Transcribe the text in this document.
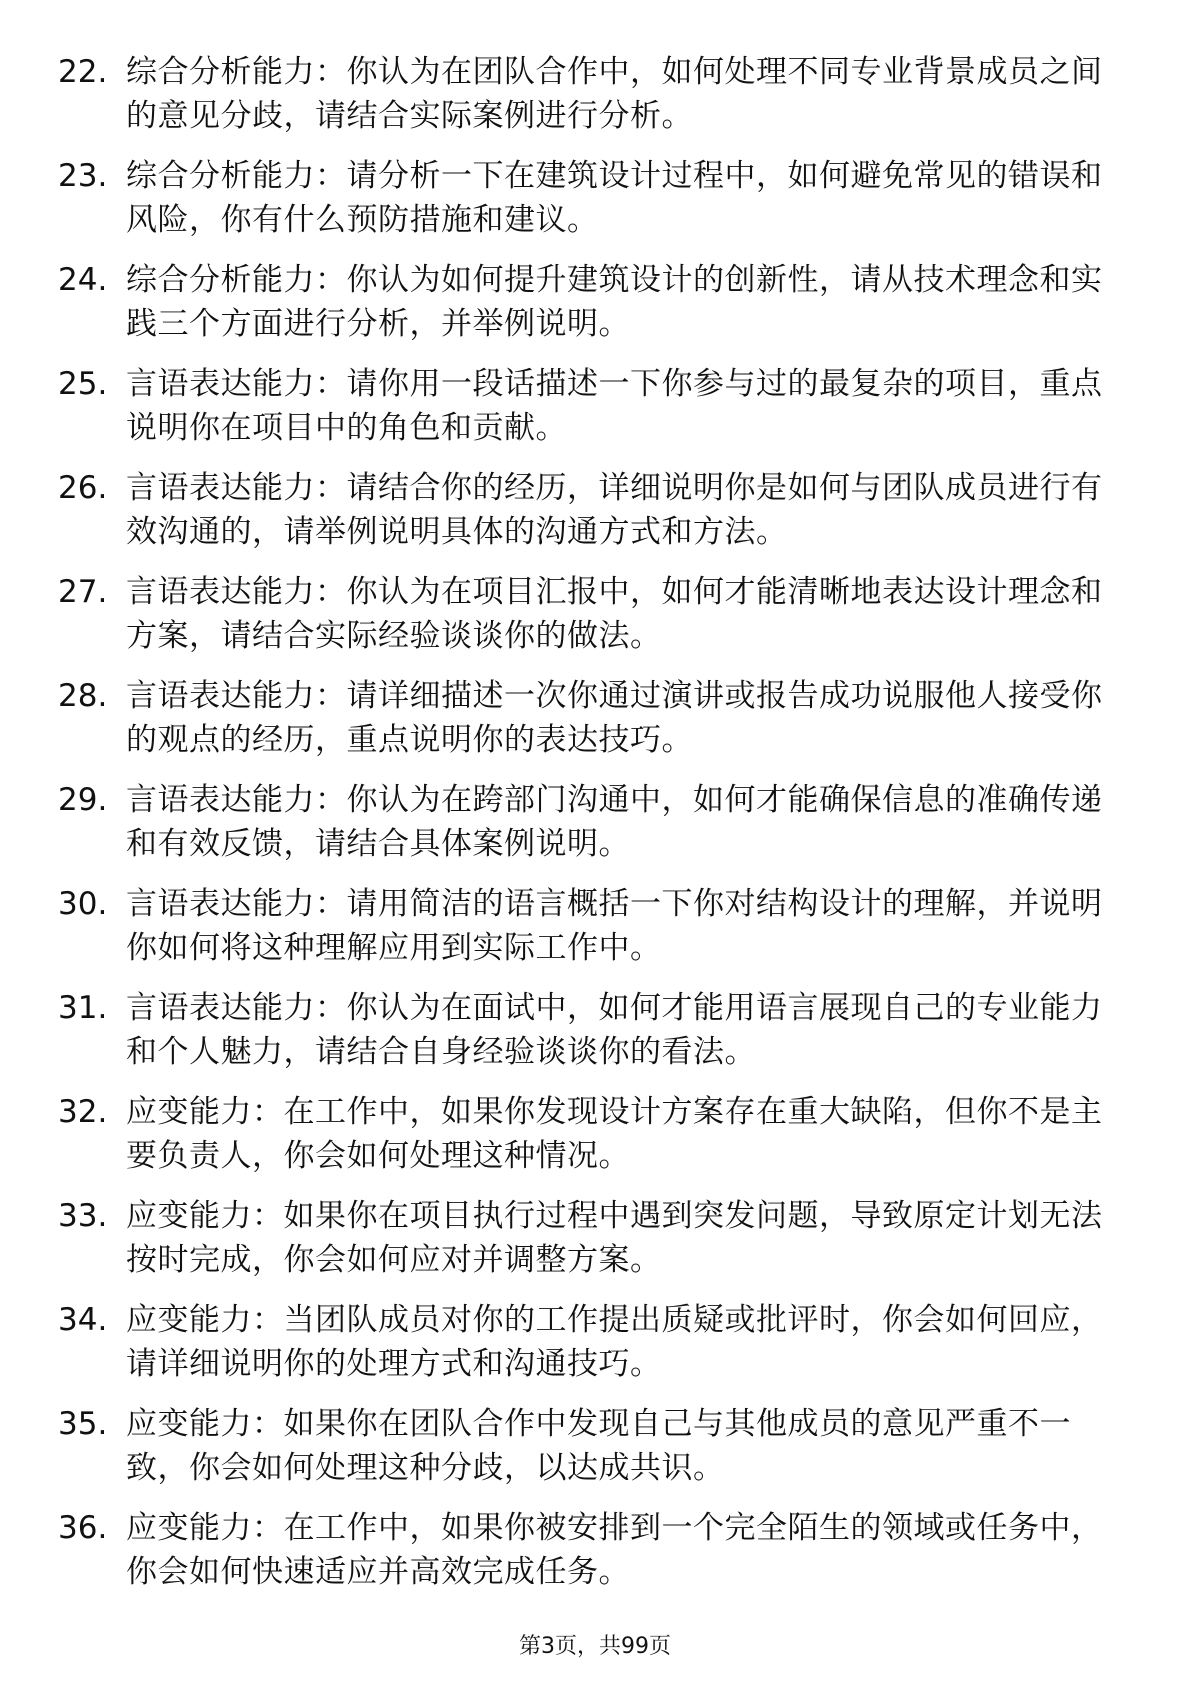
22. 综合分析能力：你认为在团队合作中，如何处理不同专业背景成员之间的意见分歧，请结合实际案例进行分析。
23. 综合分析能力：请分析一下在建筑设计过程中，如何避免常见的错误和风险，你有什么预防措施和建议。
24. 综合分析能力：你认为如何提升建筑设计的创新性，请从技术理念和实践三个方面进行分析，并举例说明。
25. 言语表达能力：请你用一段话描述一下你参与过的最复杂的项目，重点说明你在项目中的角色和贡献。
26. 言语表达能力：请结合你的经历，详细说明你是如何与团队成员进行有效沟通的，请举例说明具体的沟通方式和方法。
27. 言语表达能力：你认为在项目汇报中，如何才能清晰地表达设计理念和方案，请结合实际经验谈谈你的做法。
28. 言语表达能力：请详细描述一次你通过演讲或报告成功说服他人接受你的观点的经历，重点说明你的表达技巧。
29. 言语表达能力：你认为在跨部门沟通中，如何才能确保信息的准确传递和有效反馈，请结合具体案例说明。
30. 言语表达能力：请用简洁的语言概括一下你对结构设计的理解，并说明你如何将这种理解应用到实际工作中。
31. 言语表达能力：你认为在面试中，如何才能用语言展现自己的专业能力和个人魅力，请结合自身经验谈谈你的看法。
32. 应变能力：在工作中，如果你发现设计方案存在重大缺陷，但你不是主要负责人，你会如何处理这种情况。
33. 应变能力：如果你在项目执行过程中遇到突发问题，导致原定计划无法按时完成，你会如何应对并调整方案。
34. 应变能力：当团队成员对你的工作提出质疑或批评时，你会如何回应，请详细说明你的处理方式和沟通技巧。
35. 应变能力：如果你在团队合作中发现自己与其他成员的意见严重不一致，你会如何处理这种分歧，以达成共识。
36. 应变能力：在工作中，如果你被安排到一个完全陌生的领域或任务中，你会如何快速适应并高效完成任务。
第3页，共99页
